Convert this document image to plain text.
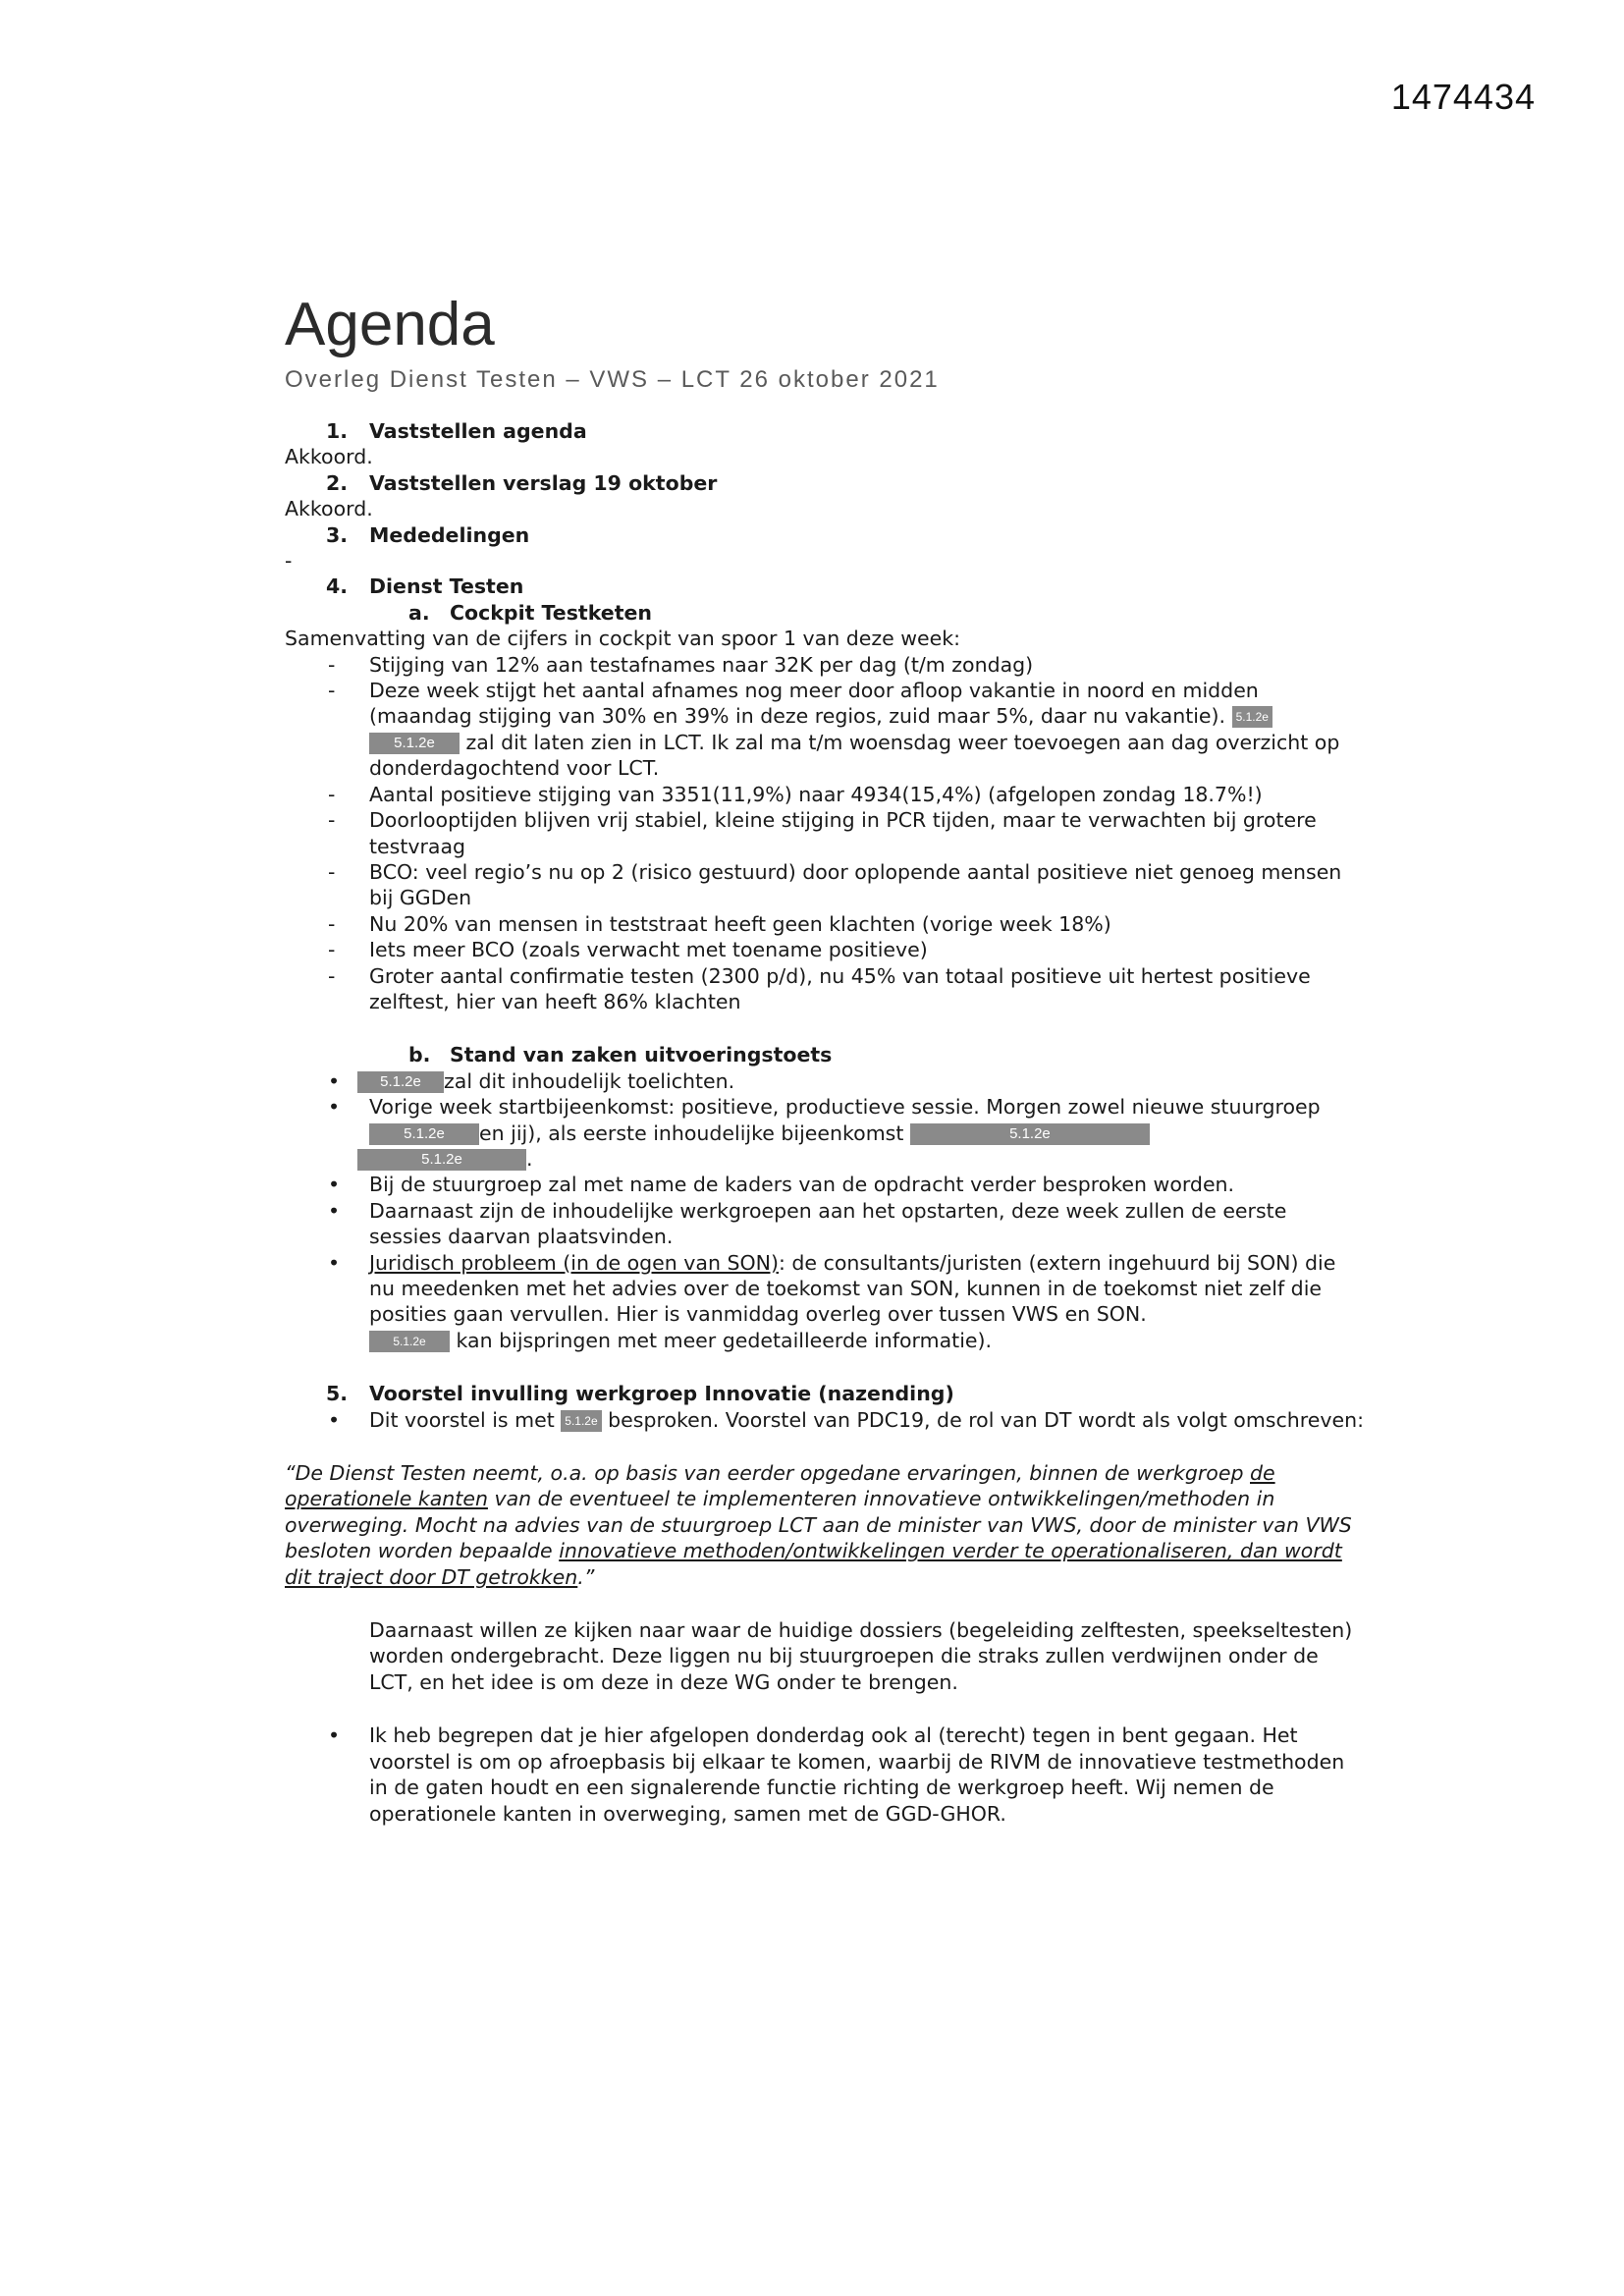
1474434
Agenda
Overleg Dienst Testen – VWS – LCT 26 oktober 2021

1. Vaststellen agenda

Akkoord.

2. Vaststellen verslag 19 oktober

Akkoord.

3. Mededelingen

-

4. Dienst Testen

a. Cockpit Testketen

Samenvatting van de cijfers in cockpit van spoor 1 van deze week:

- Stijging van 12% aan testafnames naar 32K per dag (t/m zondag)
- Deze week stijgt het aantal afnames nog meer door afloop vakantie in noord en midden (maandag stijging van 30% en 39% in deze regios, zuid maar 5%, daar nu vakantie). 5.1.2e
5.1.2e zal dit laten zien in LCT. Ik zal ma t/m woensdag weer toevoegen aan dag overzicht op donderdagochtend voor LCT.
- Aantal positieve stijging van 3351(11,9%) naar 4934(15,4%) (afgelopen zondag 18.7%!)
- Doorlooptijden blijven vrij stabiel, kleine stijging in PCR tijden, maar te verwachten bij grotere testvraag
- BCO: veel regio’s nu op 2 (risico gestuurd) door oplopende aantal positieve niet genoeg mensen bij GGDen
- Nu 20% van mensen in teststraat heeft geen klachten (vorige week 18%)
- Iets meer BCO (zoals verwacht met toename positieve)
- Groter aantal confirmatie testen (2300 p/d), nu 45% van totaal positieve uit hertest positieve zelftest, hier van heeft 86% klachten

b. Stand van zaken uitvoeringstoets

• 5.1.2e zal dit inhoudelijk toelichten.
• Vorige week startbijeenkomst: positieve, productieve sessie. Morgen zowel nieuwe stuurgroep 5.1.2e en jij), als eerste inhoudelijke bijeenkomst	5.1.2e
5.1.2e	.
• Bij de stuurgroep zal met name de kaders van de opdracht verder besproken worden.
• Daarnaast zijn de inhoudelijke werkgroepen aan het opstarten, deze week zullen de eerste sessies daarvan plaatsvinden.
• Juridisch probleem (in de ogen van SON): de consultants/juristen (extern ingehuurd bij SON) die nu meedenken met het advies over de toekomst van SON, kunnen in de toekomst niet zelf die posities gaan vervullen. Hier is vanmiddag overleg over tussen VWS en SON.
5.1.2e kan bijspringen met meer gedetailleerde informatie).

5. Voorstel invulling werkgroep Innovatie (nazending)

• Dit voorstel is met 5.1.2e besproken. Voorstel van PDC19, de rol van DT wordt als volgt omschreven:

“De Dienst Testen neemt, o.a. op basis van eerder opgedane ervaringen, binnen de werkgroep de operationele kanten van de eventueel te implementeren innovatieve ontwikkelingen/methoden in overweging. Mocht na advies van de stuurgroep LCT aan de minister van VWS, door de minister van VWS besloten worden bepaalde innovatieve methoden/ontwikkelingen verder te operationaliseren, dan wordt dit traject door DT getrokken.”

Daarnaast willen ze kijken naar waar de huidige dossiers (begeleiding zelftesten, speekseltesten) worden ondergebracht. Deze liggen nu bij stuurgroepen die straks zullen verdwijnen onder de LCT, en het idee is om deze in deze WG onder te brengen.

• Ik heb begrepen dat je hier afgelopen donderdag ook al (terecht) tegen in bent gegaan. Het voorstel is om op afroepbasis bij elkaar te komen, waarbij de RIVM de innovatieve testmethoden in de gaten houdt en een signalerende functie richting de werkgroep heeft. Wij nemen de operationele kanten in overweging, samen met de GGD-GHOR.
